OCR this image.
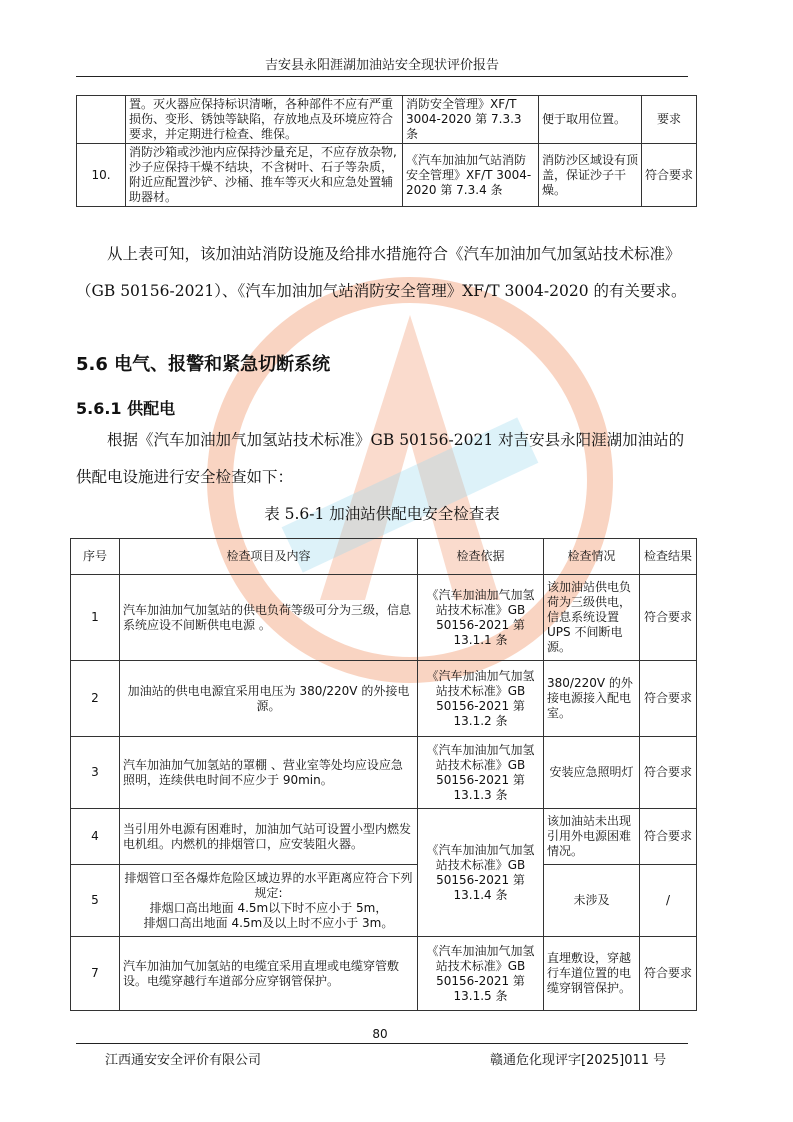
吉安县永阳涯湖加油站安全现状评价报告
	置。灭火器应保持标识清晰，各种部件不应有严重损伤、变形、锈蚀等缺陷，存放地点及环境应符合要求，并定期进行检查、维保。	消防安全管理》XF/T 3004-2020 第 7.3.3 条	便于取用位置。	要求
10.	消防沙箱或沙池内应保持沙量充足，不应存放杂物,沙子应保持干燥不结块，不含树叶、石子等杂质，附近应配置沙铲、沙桶、推车等灭火和应急处置辅助器材。	《汽车加油加气站消防安全管理》XF/T 3004-2020 第 7.3.4 条	消防沙区域设有顶盖，保证沙子干燥。	符合要求

从上表可知，该加油站消防设施及给排水措施符合《汽车加油加气加氢站技术标准》（GB 50156-2021）、《汽车加油加气站消防安全管理》XF/T 3004-2020 的有关要求。

5.6 电气、报警和紧急切断系统
5.6.1 供配电

根据《汽车加油加气加氢站技术标准》GB 50156-2021 对吉安县永阳涯湖加油站的供配电设施进行安全检查如下：

表 5.6-1 加油站供配电安全检查表
序号	检查项目及内容	检查依据	检查情况	检查结果
1	汽车加油加气加氢站的供电负荷等级可分为三级，信息系统应设不间断供电电源 。	《汽车加油加气加氢站技术标准》GB 50156-2021 第 13.1.1 条	该加油站供电负荷为三级供电，信息系统设置 UPS 不间断电源。	符合要求
2	加油站的供电电源宜采用电压为 380/220V 的外接电源。	《汽车加油加气加氢站技术标准》GB 50156-2021 第 13.1.2 条	380/220V 的外接电源接入配电室。	符合要求
3	汽车加油加气加氢站的罩棚 、营业室等处均应设应急照明，连续供电时间不应少于 90min。	《汽车加油加气加氢站技术标准》GB 50156-2021 第 13.1.3 条	安装应急照明灯	符合要求
4	当引用外电源有困难时，加油加气站可设置小型内燃发电机组。内燃机的排烟管口，应安装阻火器。	《汽车加油加气加氢站技术标准》GB 50156-2021 第 13.1.4 条	该加油站未出现引用外电源困难情况。	符合要求
5	排烟管口至各爆炸危险区域边界的水平距离应符合下列规定:
排烟口高出地面 4.5m以下时不应小于 5m，
排烟口高出地面 4.5m及以上时不应小于 3m。		未涉及	/
7	汽车加油加气加氢站的电缆宜采用直埋或电缆穿管敷设。电缆穿越行车道部分应穿钢管保护。	《汽车加油加气加氢站技术标准》GB 50156-2021 第 13.1.5 条	直埋敷设，穿越行车道位置的电缆穿钢管保护。	符合要求
80
江西通安安全评价有限公司	赣通危化现评字[2025]011 号
